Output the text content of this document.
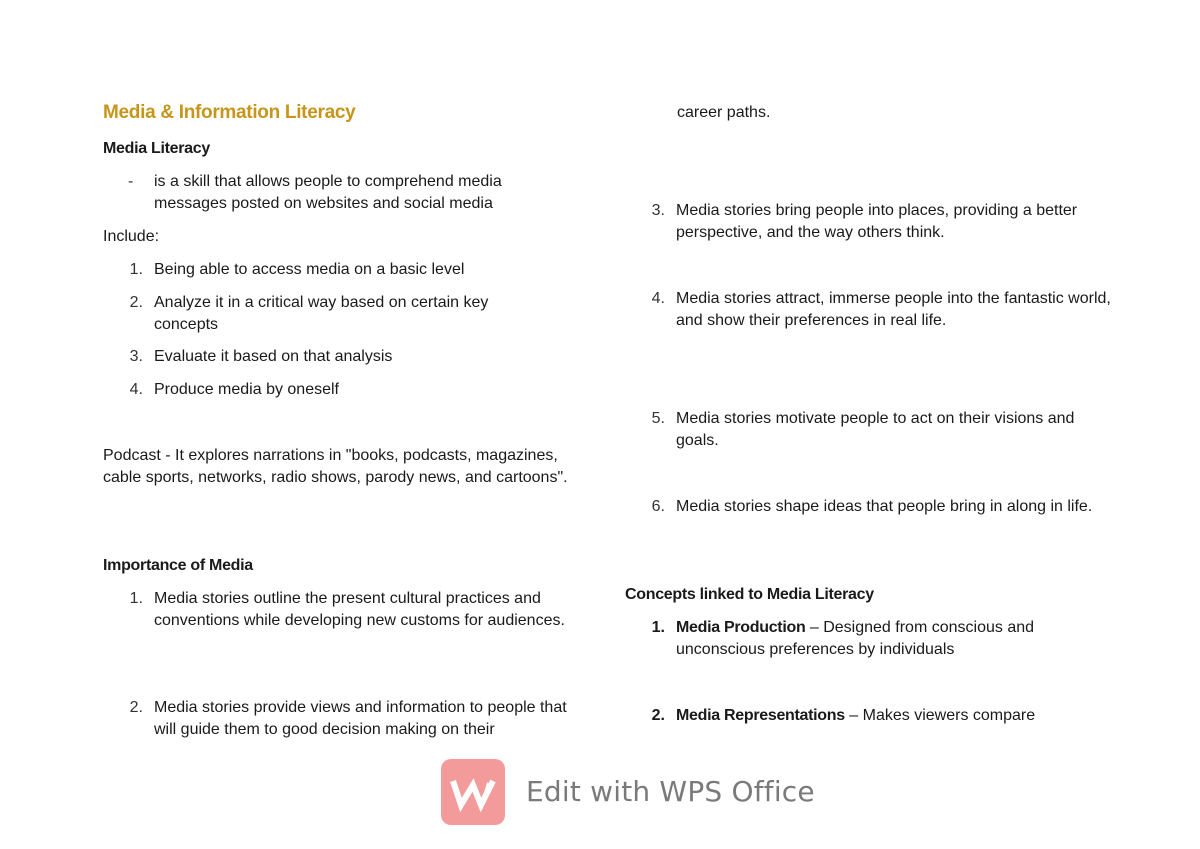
Media & Information Literacy
Media Literacy
-	is a skill that allows people to comprehend media messages posted on websites and social media
Include:
1. Being able to access media on a basic level
2. Analyze it in a critical way based on certain key concepts
3. Evaluate it based on that analysis
4. Produce media by oneself
Podcast - It explores narrations in "books, podcasts, magazines, cable sports, networks, radio shows, parody news, and cartoons".
Importance of Media
1. Media stories outline the present cultural practices and conventions while developing new customs for audiences.
2. Media stories provide views and information to people that will guide them to good decision making on their
career paths.
3. Media stories bring people into places, providing a better perspective, and the way others think.
4. Media stories attract, immerse people into the fantastic world, and show their preferences in real life.
5. Media stories motivate people to act on their visions and goals.
6. Media stories shape ideas that people bring in along in life.
Concepts linked to Media Literacy
1. Media Production – Designed from conscious and unconscious preferences by individuals
2. Media Representations – Makes viewers compare
Edit with WPS Office
